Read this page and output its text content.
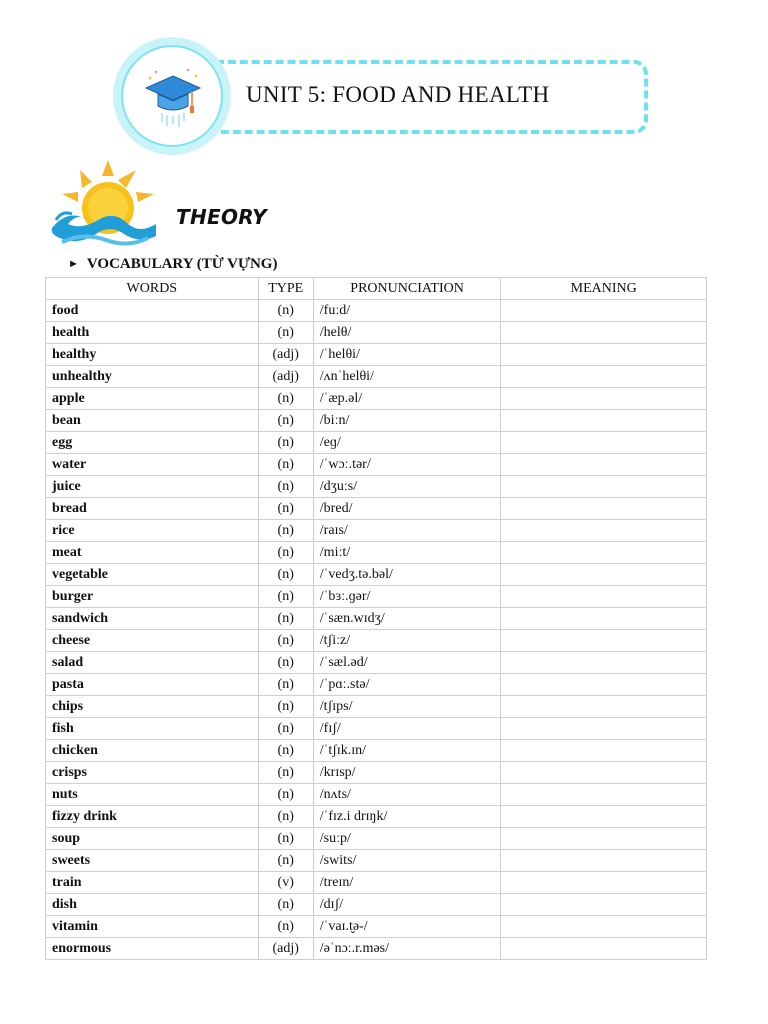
UNIT 5: FOOD AND HEALTH
THEORY
► VOCABULARY (TỪ VỰNG)
WORDS	TYPE	PRONUNCIATION	MEANING
food	(n)	/fuːd/	
health	(n)	/helθ/	
healthy	(adj)	/ˈhelθi/	
unhealthy	(adj)	/ʌnˈhelθi/	
apple	(n)	/ˈæp.əl/	
bean	(n)	/biːn/	
egg	(n)	/eɡ/	
water	(n)	/ˈwɔː.tər/	
juice	(n)	/dʒuːs/	
bread	(n)	/bred/	
rice	(n)	/raɪs/	
meat	(n)	/miːt/	
vegetable	(n)	/ˈvedʒ.tə.bəl/	
burger	(n)	/ˈbɜː.ɡər/	
sandwich	(n)	/ˈsæn.wɪdʒ/	
cheese	(n)	/tʃiːz/	
salad	(n)	/ˈsæl.əd/	
pasta	(n)	/ˈpɑː.stə/	
chips	(n)	/tʃɪps/	
fish	(n)	/fɪʃ/	
chicken	(n)	/ˈtʃɪk.ɪn/	
crisps	(n)	/krɪsp/	
nuts	(n)	/nʌts/	
fizzy drink	(n)	/ˈfɪz.i drɪŋk/	
soup	(n)	/suːp/	
sweets	(n)	/swits/	
train	(v)	/treɪn/	
dish	(n)	/dɪʃ/	
vitamin	(n)	/ˈvaɪ.t̬ə-/	
enormous	(adj)	/əˈnɔː.r.məs/	
